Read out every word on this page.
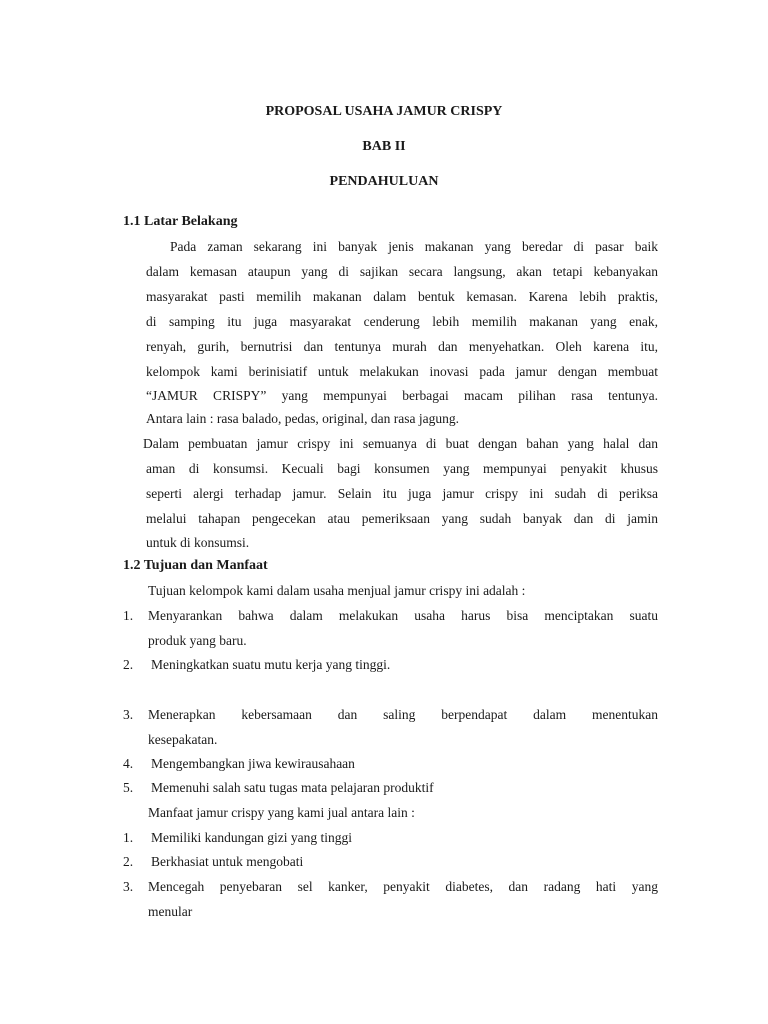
PROPOSAL USAHA JAMUR CRISPY
BAB II
PENDAHULUAN
1.1 Latar Belakang
Pada zaman sekarang ini banyak jenis makanan yang beredar di pasar baik
dalam kemasan ataupun yang di sajikan secara langsung, akan tetapi kebanyakan
masyarakat pasti memilih makanan dalam bentuk kemasan. Karena lebih praktis,
di samping itu juga masyarakat cenderung lebih memilih makanan yang enak,
renyah, gurih, bernutrisi dan tentunya murah dan menyehatkan. Oleh karena itu,
kelompok kami berinisiatif untuk melakukan inovasi pada jamur dengan membuat
“JAMUR CRISPY” yang mempunyai berbagai macam pilihan rasa tentunya.
Antara lain : rasa balado, pedas, original, dan rasa jagung.
Dalam pembuatan jamur crispy ini semuanya di buat dengan bahan yang halal dan
aman di konsumsi. Kecuali bagi konsumen yang mempunyai penyakit khusus
seperti alergi terhadap jamur. Selain itu juga jamur crispy ini sudah di periksa
melalui tahapan pengecekan atau pemeriksaan yang sudah banyak dan di jamin
untuk di konsumsi.
1.2 Tujuan dan Manfaat
Tujuan kelompok kami dalam usaha menjual jamur crispy ini adalah :
1. Menyarankan bahwa dalam melakukan usaha harus bisa menciptakan suatu
produk yang baru.
2. Meningkatkan suatu mutu kerja yang tinggi.
3. Menerapkan kebersamaan dan saling berpendapat dalam menentukan
kesepakatan.
4. Mengembangkan jiwa kewirausahaan
5. Memenuhi salah satu tugas mata pelajaran produktif
Manfaat jamur crispy yang kami jual antara lain :
1. Memiliki kandungan gizi yang tinggi
2. Berkhasiat untuk mengobati
3. Mencegah penyebaran sel kanker, penyakit diabetes, dan radang hati yang
menular
